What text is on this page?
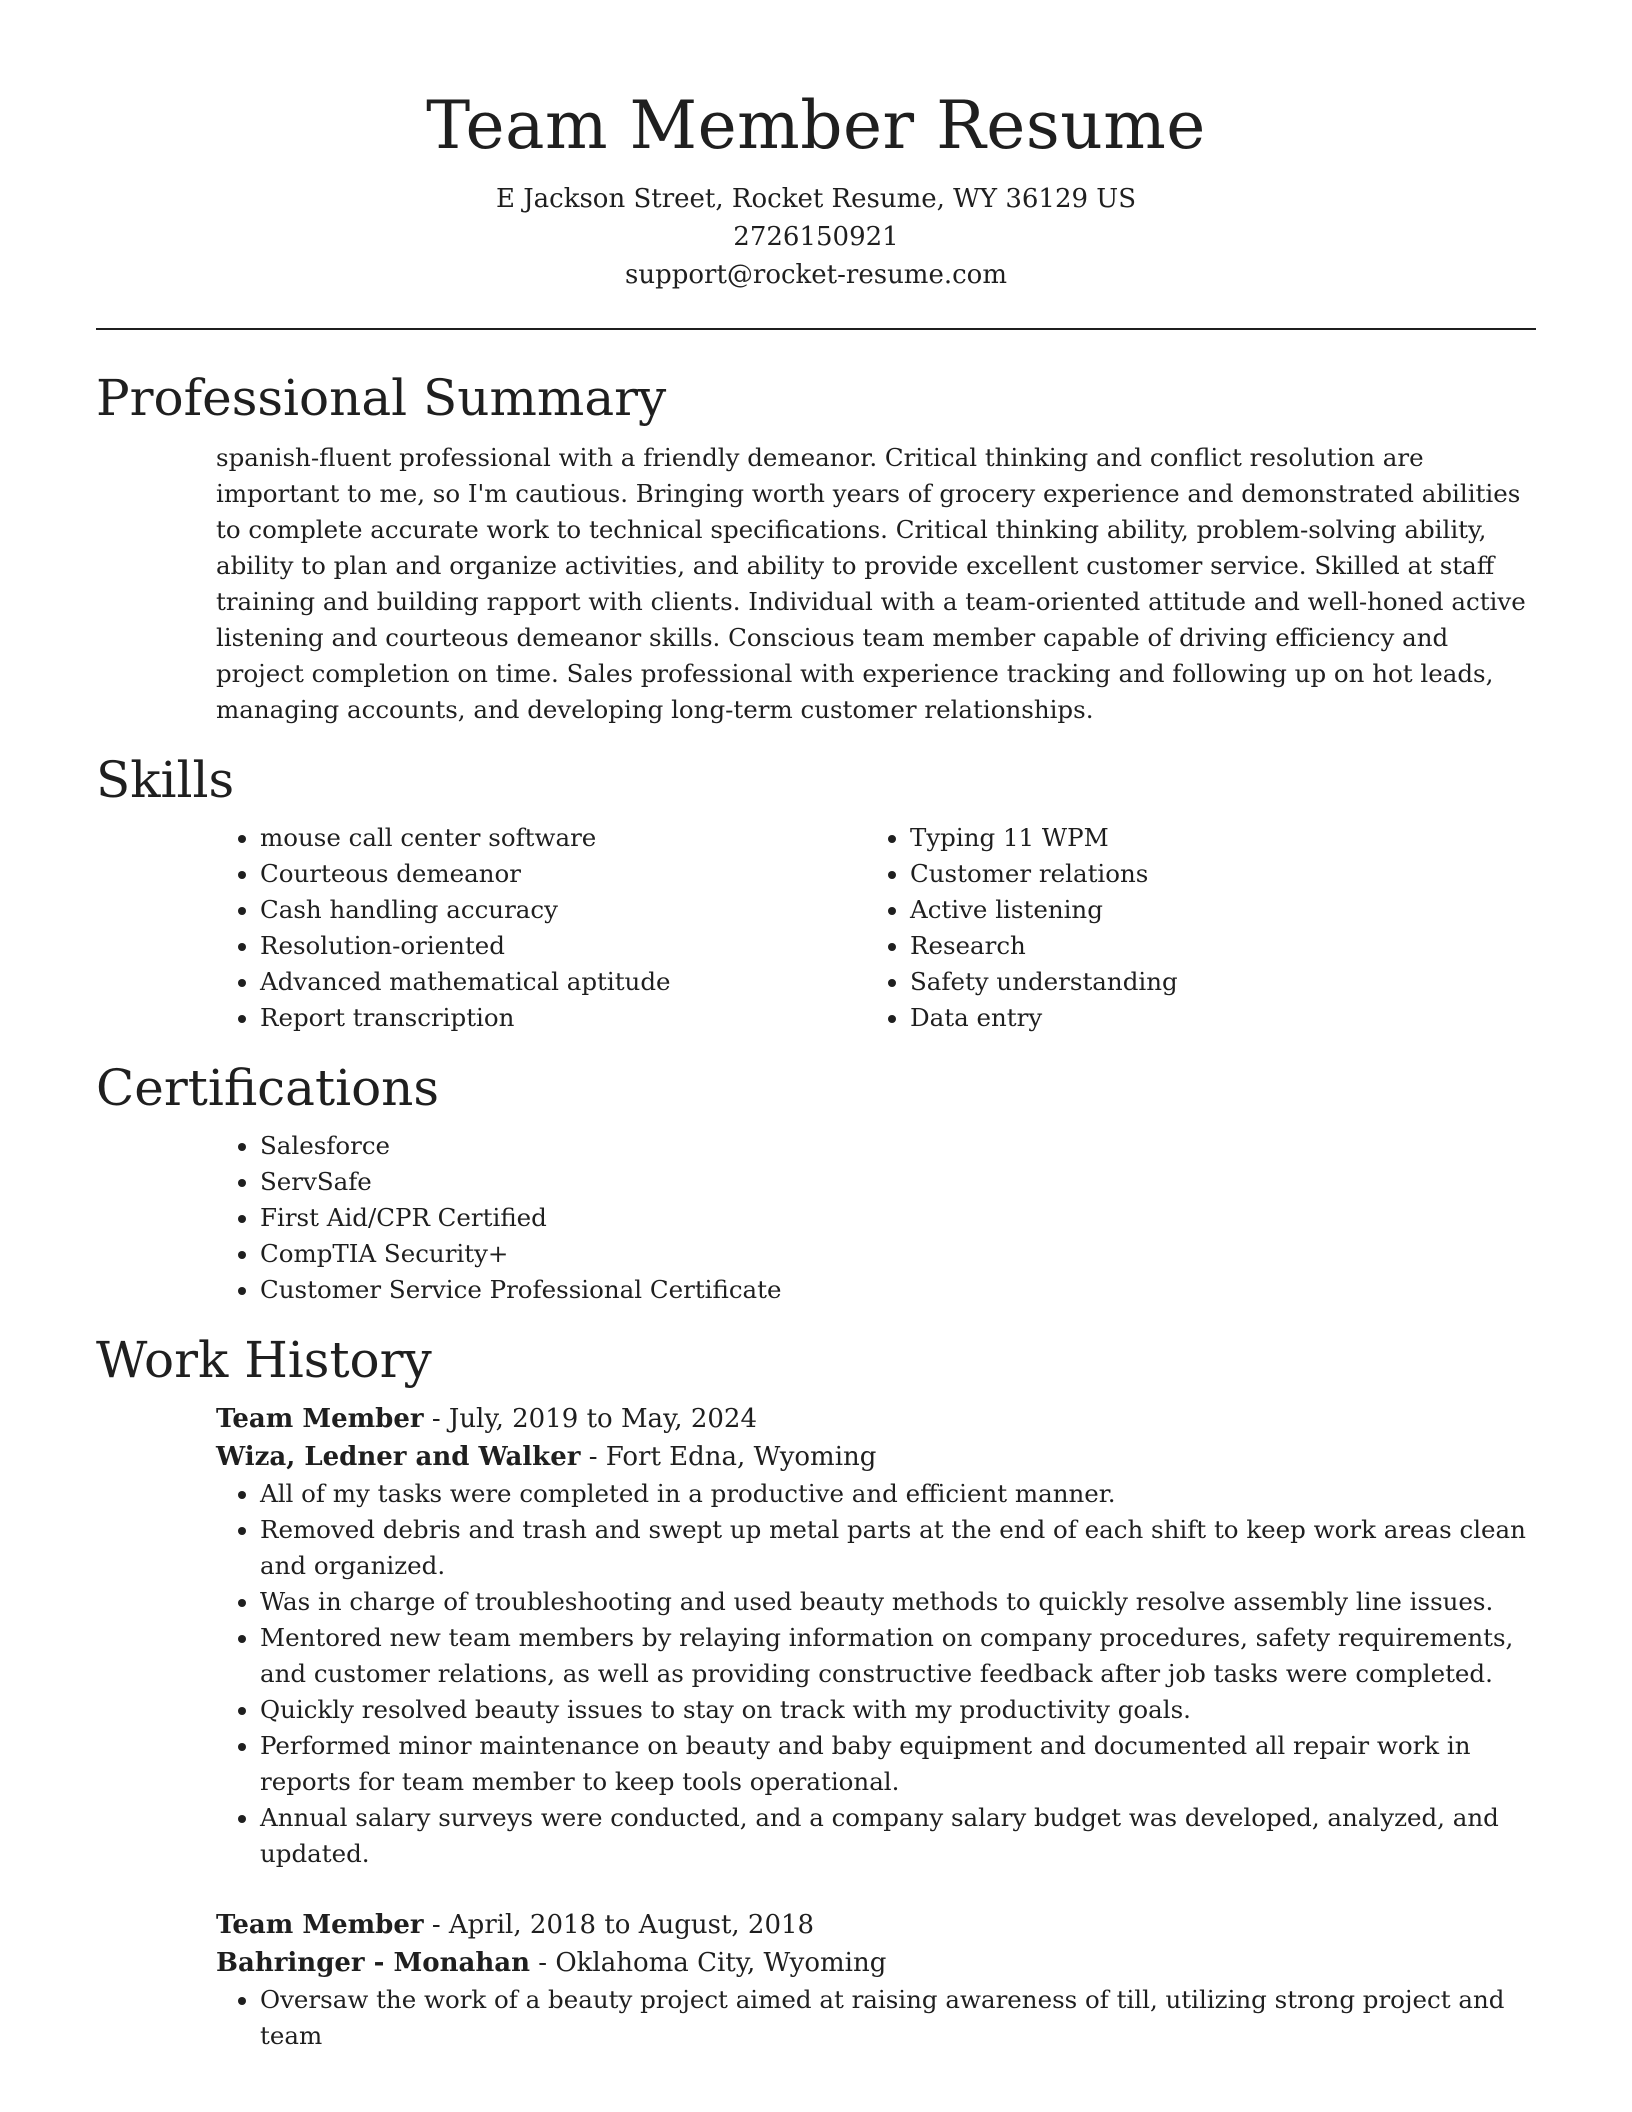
Team Member Resume
E Jackson Street, Rocket Resume, WY 36129 US
2726150921
support@rocket-resume.com
Professional Summary

spanish-fluent professional with a friendly demeanor. Critical thinking and conflict resolution are important to me, so I'm cautious. Bringing worth years of grocery experience and demonstrated abilities to complete accurate work to technical specifications. Critical thinking ability, problem-solving ability, ability to plan and organize activities, and ability to provide excellent customer service. Skilled at staff training and building rapport with clients. Individual with a team-oriented attitude and well-honed active listening and courteous demeanor skills. Conscious team member capable of driving efficiency and project completion on time. Sales professional with experience tracking and following up on hot leads, managing accounts, and developing long-term customer relationships.

Skills
• mouse call center software
• Courteous demeanor
• Cash handling accuracy
• Resolution-oriented
• Advanced mathematical aptitude
• Report transcription
• Typing 11 WPM
• Customer relations
• Active listening
• Research
• Safety understanding
• Data entry
Certifications
• Salesforce
• ServSafe
• First Aid/CPR Certified
• CompTIA Security+
• Customer Service Professional Certificate
Work History
Team Member - July, 2019 to May, 2024
Wiza, Ledner and Walker - Fort Edna, Wyoming
• All of my tasks were completed in a productive and efficient manner.
• Removed debris and trash and swept up metal parts at the end of each shift to keep work areas clean and organized.
• Was in charge of troubleshooting and used beauty methods to quickly resolve assembly line issues.
• Mentored new team members by relaying information on company procedures, safety requirements, and customer relations, as well as providing constructive feedback after job tasks were completed.
• Quickly resolved beauty issues to stay on track with my productivity goals.
• Performed minor maintenance on beauty and baby equipment and documented all repair work in reports for team member to keep tools operational.
• Annual salary surveys were conducted, and a company salary budget was developed, analyzed, and updated.
Team Member - April, 2018 to August, 2018
Bahringer - Monahan - Oklahoma City, Wyoming
• Oversaw the work of a beauty project aimed at raising awareness of till, utilizing strong project and team
